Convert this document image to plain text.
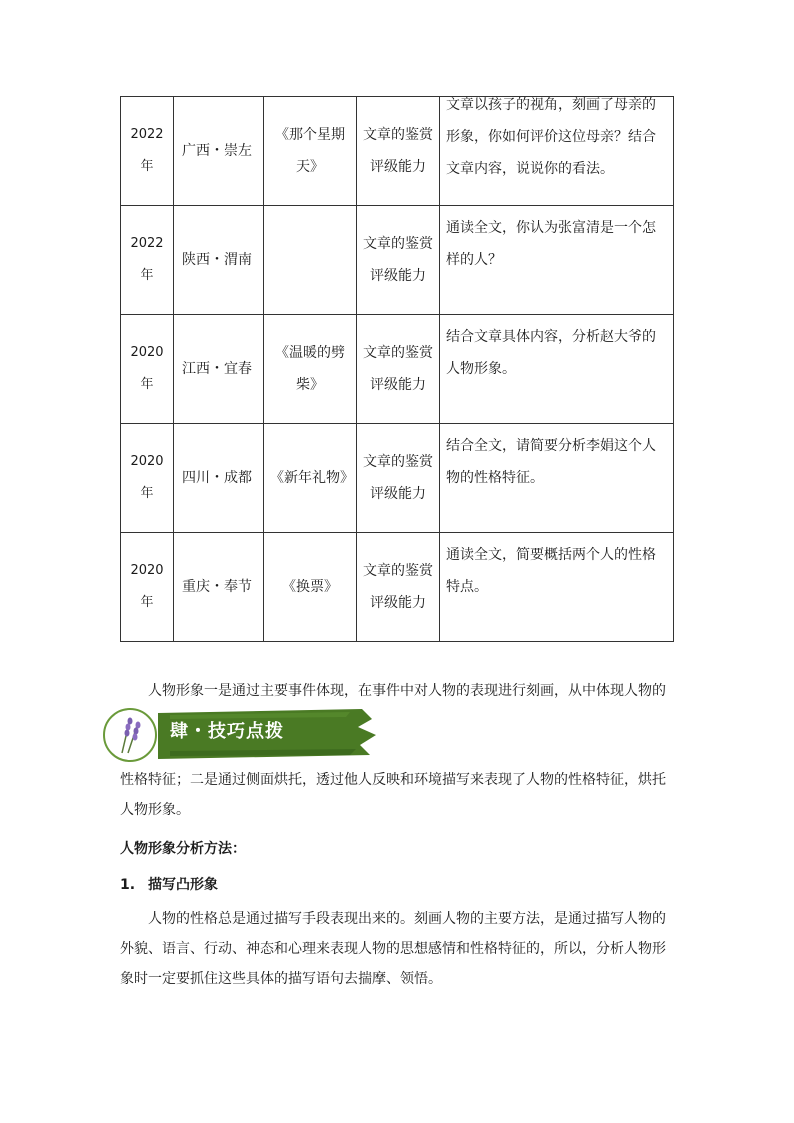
2022 年	广西・崇左	《那个星期天》	文章的鉴赏评级能力	文章以孩子的视角，刻画了母亲的形象，你如何评价这位母亲？结合文章内容，说说你的看法。

2022 年	陕西・渭南		文章的鉴赏评级能力	通读全文，你认为张富清是一个怎样的人？

2020 年	江西・宜春	《温暖的劈柴》	文章的鉴赏评级能力	结合文章具体内容，分析赵大爷的人物形象。

2020 年	四川・成都	《新年礼物》	文章的鉴赏评级能力	结合全文，请简要分析李娟这个人物的性格特征。

2020 年	重庆・奉节	《换票》	文章的鉴赏评级能力	通读全文，简要概括两个人的性格特点。

人物形象一是通过主要事件体现，在事件中对人物的表现进行刻画，从中体现人物的

肆・技巧点拨

性格特征；二是通过侧面烘托，透过他人反映和环境描写来表现了人物的性格特征，烘托人物形象。

人物形象分析方法：
1. 描写凸形象

人物的性格总是通过描写手段表现出来的。刻画人物的主要方法，是通过描写人物的外貌、语言、行动、神态和心理来表现人物的思想感情和性格特征的，所以，分析人物形象时一定要抓住这些具体的描写语句去揣摩、领悟。
